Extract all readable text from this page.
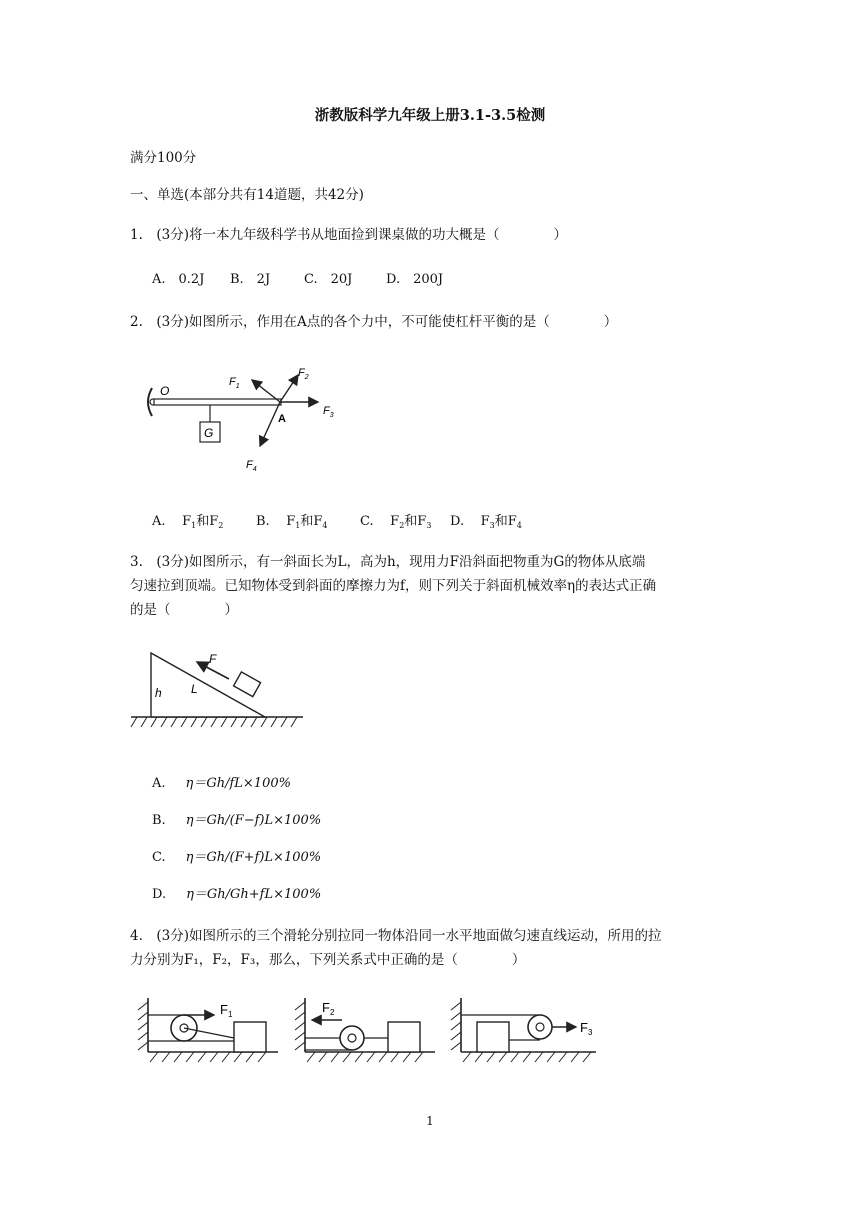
浙教版科学九年级上册3.1-3.5检测
满分100分
一、单选(本部分共有14道题，共42分)
1.　(3分)将一本九年级科学书从地面捡到课桌做的功大概是（　　　　）
A.　0.2J B.　2J	C.　20J	D.　200J
2.　(3分)如图所示，作用在A点的各个力中，不可能使杠杆平衡的是（　　　　）
G
O
A
$F_1$
$F_2$
$F_3$
$F_4$
A. $F_1$和$F_2$	B. $F_1$和$F_4$	C. $F_2$和$F_3$ D. $F_3$和$F_4$
3.　(3分)如图所示，有一斜面长为L，高为h，现用力F沿斜面把物重为G的物体从底端
匀速拉到顶端。已知物体受到斜面的摩擦力为f，则下列关于斜面机械效率η的表达式正确
的是（　　　　）
F
L
h
A. η＝Gh/fL×100%
B. η＝Gh/(F−f)L×100%
C. η＝Gh/(F+f)L×100%
D. η＝Gh/Gh+fL×100%
4.　(3分)如图所示的三个滑轮分别拉同一物体沿同一水平地面做匀速直线运动，所用的拉
力分别为F₁，F₂，F₃，那么，下列关系式中正确的是（　　　　）
$F_1$	$F_2$
$F_3$
1
